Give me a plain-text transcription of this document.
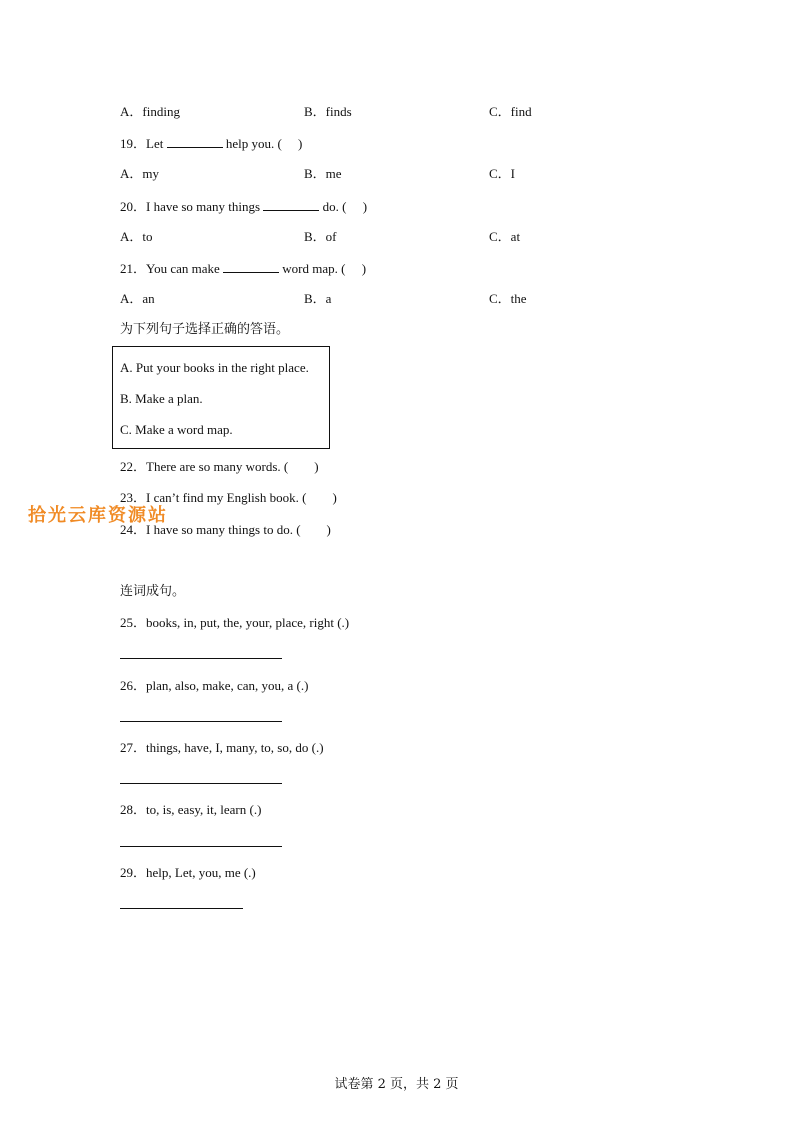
A．finding	B．finds	C．find
19．Let	help you. ( )
A．my	B．me	C．I
20．I have so many things	do. ( )
A．to	B．of	C．at
21．You can make	word map. ( )
A．an	B．a	C．the
为下列句子选择正确的答语。
A. Put your books in the right place.
B. Make a plan.
C. Make a word map.
22．There are so many words. ( )
23．I can’t find my English book. ( )
24．I have so many things to do. ( )
拾光云库资源站
连词成句。
25．books, in, put, the, your, place, right (.)
26．plan, also, make, can, you, a (.)
27．things, have, I, many, to, so, do (.)
28．to, is, easy, it, learn (.)
29．help, Let, you, me (.)
试卷第 2 页，共 2 页
